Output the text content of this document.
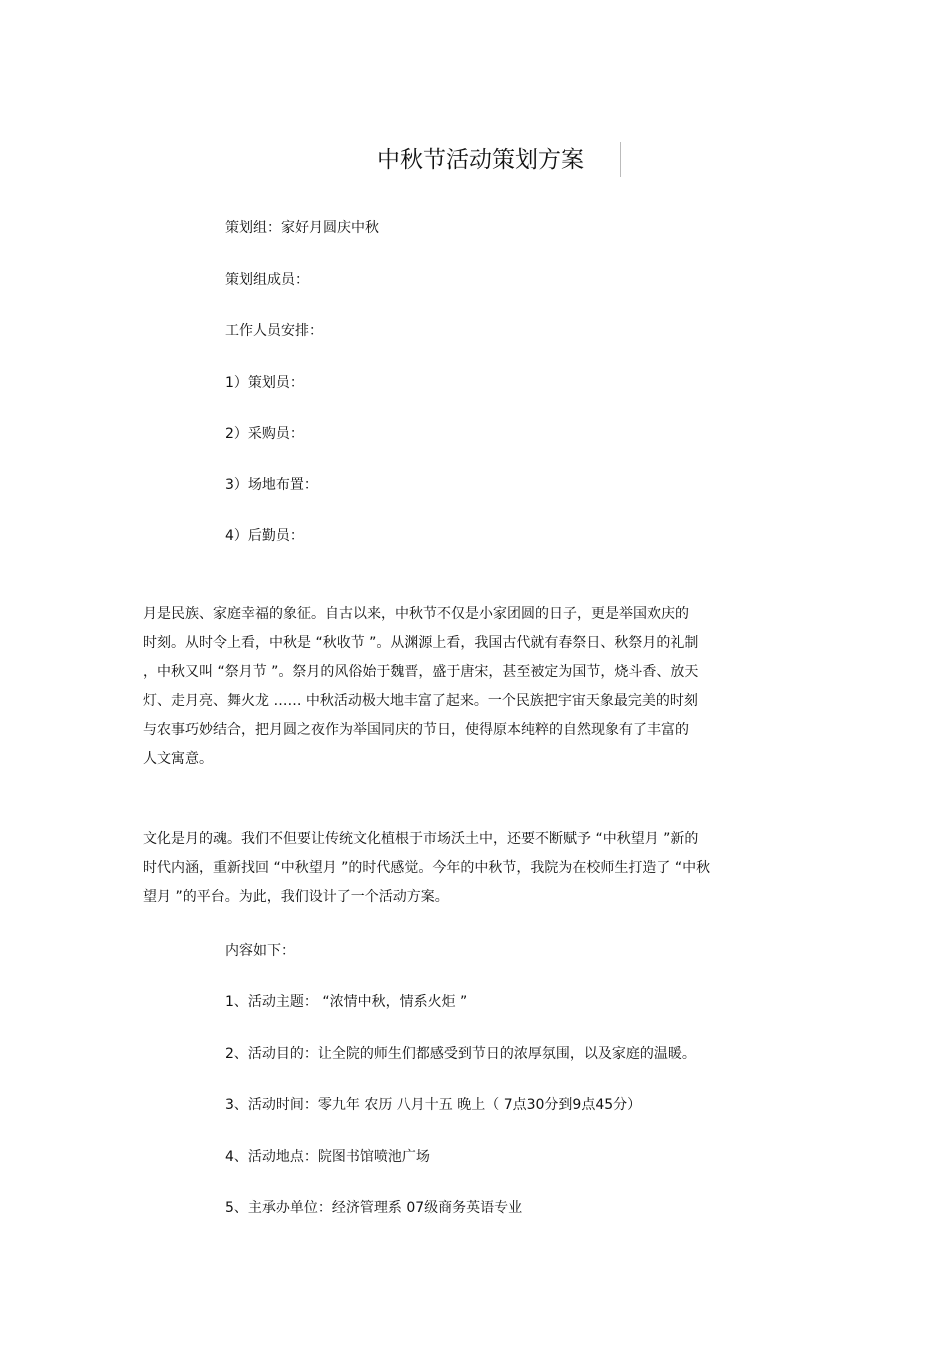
中秋节活动策划方案
策划组：家好月圆庆中秋
策划组成员：
工作人员安排：
1）策划员：
2）采购员：
3）场地布置：
4）后勤员：
月是民族、家庭幸福的象征。自古以来，中秋节不仅是小家团圆的日子，更是举国欢庆的
时刻。从时令上看，中秋是 “秋收节 ”。从渊源上看，我国古代就有春祭日、秋祭月的礼制
，中秋又叫 “祭月节 ”。祭月的风俗始于魏晋，盛于唐宋，甚至被定为国节，烧斗香、放天
灯、走月亮、舞火龙 …… 中秋活动极大地丰富了起来。一个民族把宇宙天象最完美的时刻
与农事巧妙结合，把月圆之夜作为举国同庆的节日，使得原本纯粹的自然现象有了丰富的
人文寓意。
文化是月的魂。我们不但要让传统文化植根于市场沃土中，还要不断赋予 “中秋望月 ”新的
时代内涵，重新找回 “中秋望月 ”的时代感觉。今年的中秋节，我院为在校师生打造了 “中秋
望月 ”的平台。为此，我们设计了一个活动方案。
内容如下：
1、活动主题： “浓情中秋，情系火炬 ”
2、活动目的：让全院的师生们都感受到节日的浓厚氛围，以及家庭的温暖。
3、活动时间：零九年 农历 八月十五 晚上（ 7点30分到9点45分）
4、活动地点：院图书馆喷池广场
5、主承办单位：经济管理系 07级商务英语专业
